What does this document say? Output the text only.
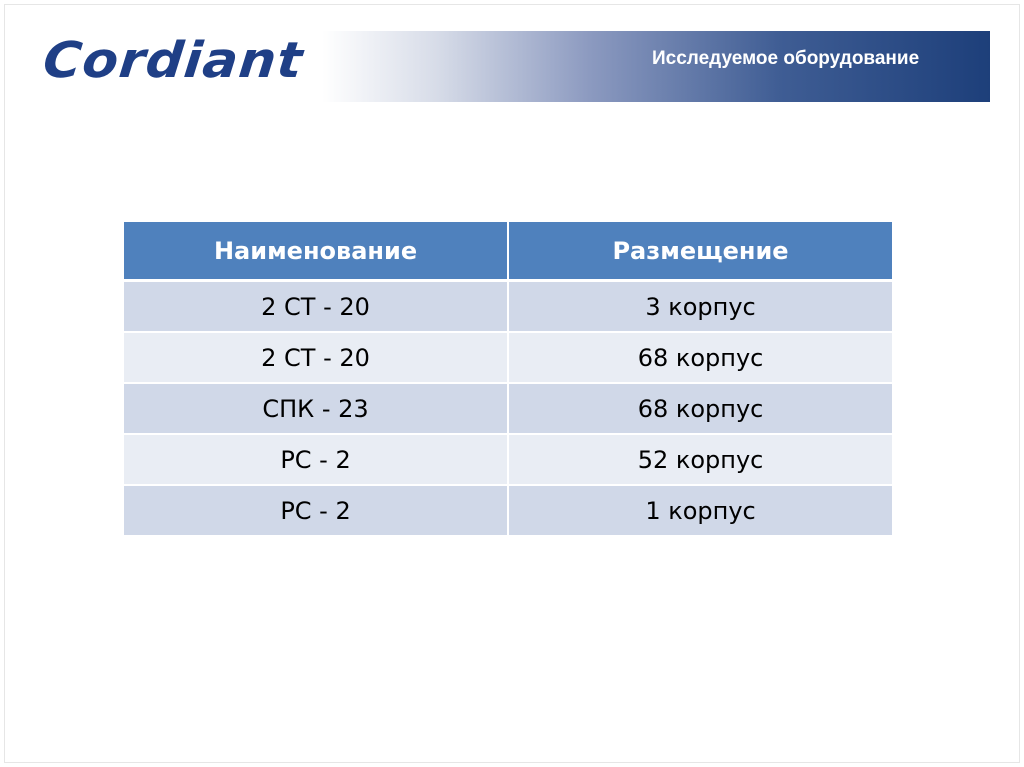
Cordiant	Исследуемое оборудование
Наименование	Размещение
2 СТ - 20	3 корпус
2 СТ - 20	68 корпус
СПК - 23	68 корпус
РС - 2	52 корпус
РС - 2	1 корпус
